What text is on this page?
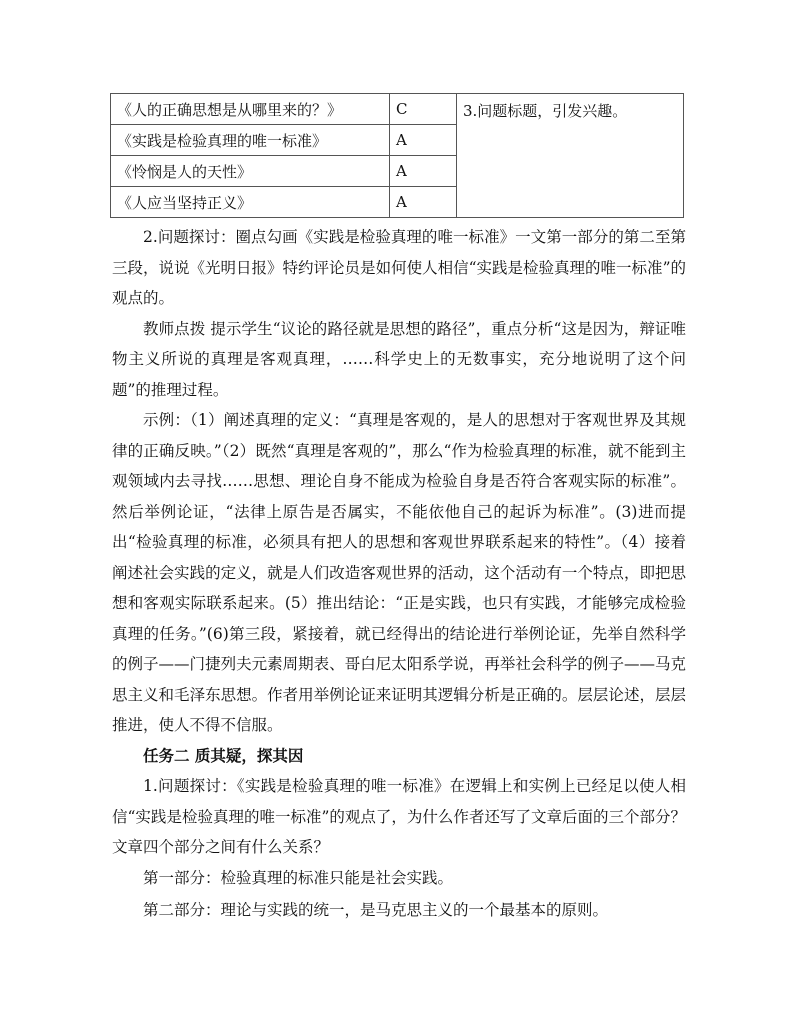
《人的正确思想是从哪里来的？》	C	3.问题标题，引发兴趣。
《实践是检验真理的唯一标准》	A	
《怜悯是人的天性》	A	
《人应当坚持正义》	A	

2.问题探讨：圈点勾画《实践是检验真理的唯一标准》一文第一部分的第二至第三段，说说《光明日报》特约评论员是如何使人相信“实践是检验真理的唯一标准”的观点的。

教师点拨 提示学生“议论的路径就是思想的路径”，重点分析“这是因为，辩证唯物主义所说的真理是客观真理，……科学史上的无数事实，充分地说明了这个问题”的推理过程。

示例：（1）阐述真理的定义：“真理是客观的，是人的思想对于客观世界及其规律的正确反映。”（2）既然“真理是客观的”，那么“作为检验真理的标准，就不能到主观领域内去寻找……思想、理论自身不能成为检验自身是否符合客观实际的标准”。然后举例论证，“法律上原告是否属实，不能依他自己的起诉为标准”。(3)进而提出“检验真理的标准，必须具有把人的思想和客观世界联系起来的特性”。（4）接着阐述社会实践的定义，就是人们改造客观世界的活动，这个活动有一个特点，即把思想和客观实际联系起来。(5）推出结论：“正是实践，也只有实践，才能够完成检验真理的任务。”(6)第三段，紧接着，就已经得出的结论进行举例论证，先举自然科学的例子——门捷列夫元素周期表、哥白尼太阳系学说，再举社会科学的例子——马克思主义和毛泽东思想。作者用举例论证来证明其逻辑分析是正确的。层层论述，层层推进，使人不得不信服。

任务二 质其疑，探其因

1.问题探讨：《实践是检验真理的唯一标准》在逻辑上和实例上已经足以使人相信“实践是检验真理的唯一标准”的观点了，为什么作者还写了文章后面的三个部分？文章四个部分之间有什么关系？

第一部分：检验真理的标准只能是社会实践。

第二部分：理论与实践的统一，是马克思主义的一个最基本的原则。
